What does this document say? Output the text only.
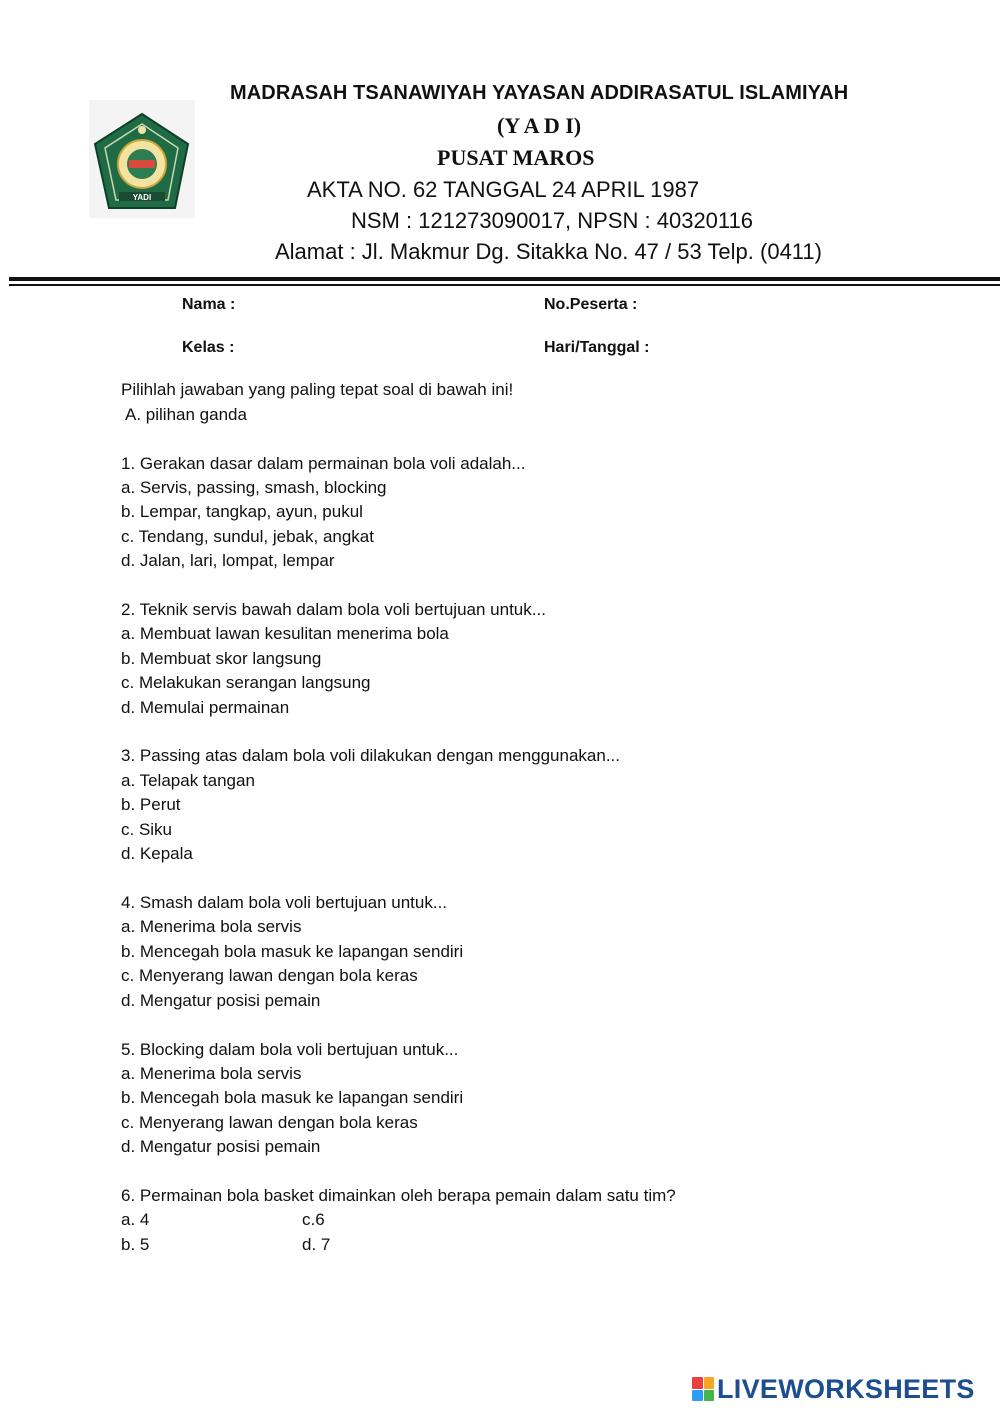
YADI
MADRASAH TSANAWIYAH YAYASAN ADDIRASATUL ISLAMIYAH
(Y A D I)
PUSAT MAROS
AKTA NO. 62 TANGGAL 24 APRIL 1987
NSM : 121273090017, NPSN : 40320116
Alamat : Jl. Makmur Dg. Sitakka No. 47 / 53 Telp. (0411)
Nama :	No.Peserta :
Kelas :	Hari/Tanggal :
Pilihlah jawaban yang paling tepat soal di bawah ini!
A. pilihan ganda
1. Gerakan dasar dalam permainan bola voli adalah...
a. Servis, passing, smash, blocking
b. Lempar, tangkap, ayun, pukul
c. Tendang, sundul, jebak, angkat
d. Jalan, lari, lompat, lempar
2. Teknik servis bawah dalam bola voli bertujuan untuk...
a. Membuat lawan kesulitan menerima bola
b. Membuat skor langsung
c. Melakukan serangan langsung
d. Memulai permainan
3. Passing atas dalam bola voli dilakukan dengan menggunakan...
a. Telapak tangan
b. Perut
c. Siku
d. Kepala
4. Smash dalam bola voli bertujuan untuk...
a. Menerima bola servis
b. Mencegah bola masuk ke lapangan sendiri
c. Menyerang lawan dengan bola keras
d. Mengatur posisi pemain
5. Blocking dalam bola voli bertujuan untuk...
a. Menerima bola servis
b. Mencegah bola masuk ke lapangan sendiri
c. Menyerang lawan dengan bola keras
d. Mengatur posisi pemain
6. Permainan bola basket dimainkan oleh berapa pemain dalam satu tim?
a. 4	c.6
b. 5	d. 7
LIVEWORKSHEETS
